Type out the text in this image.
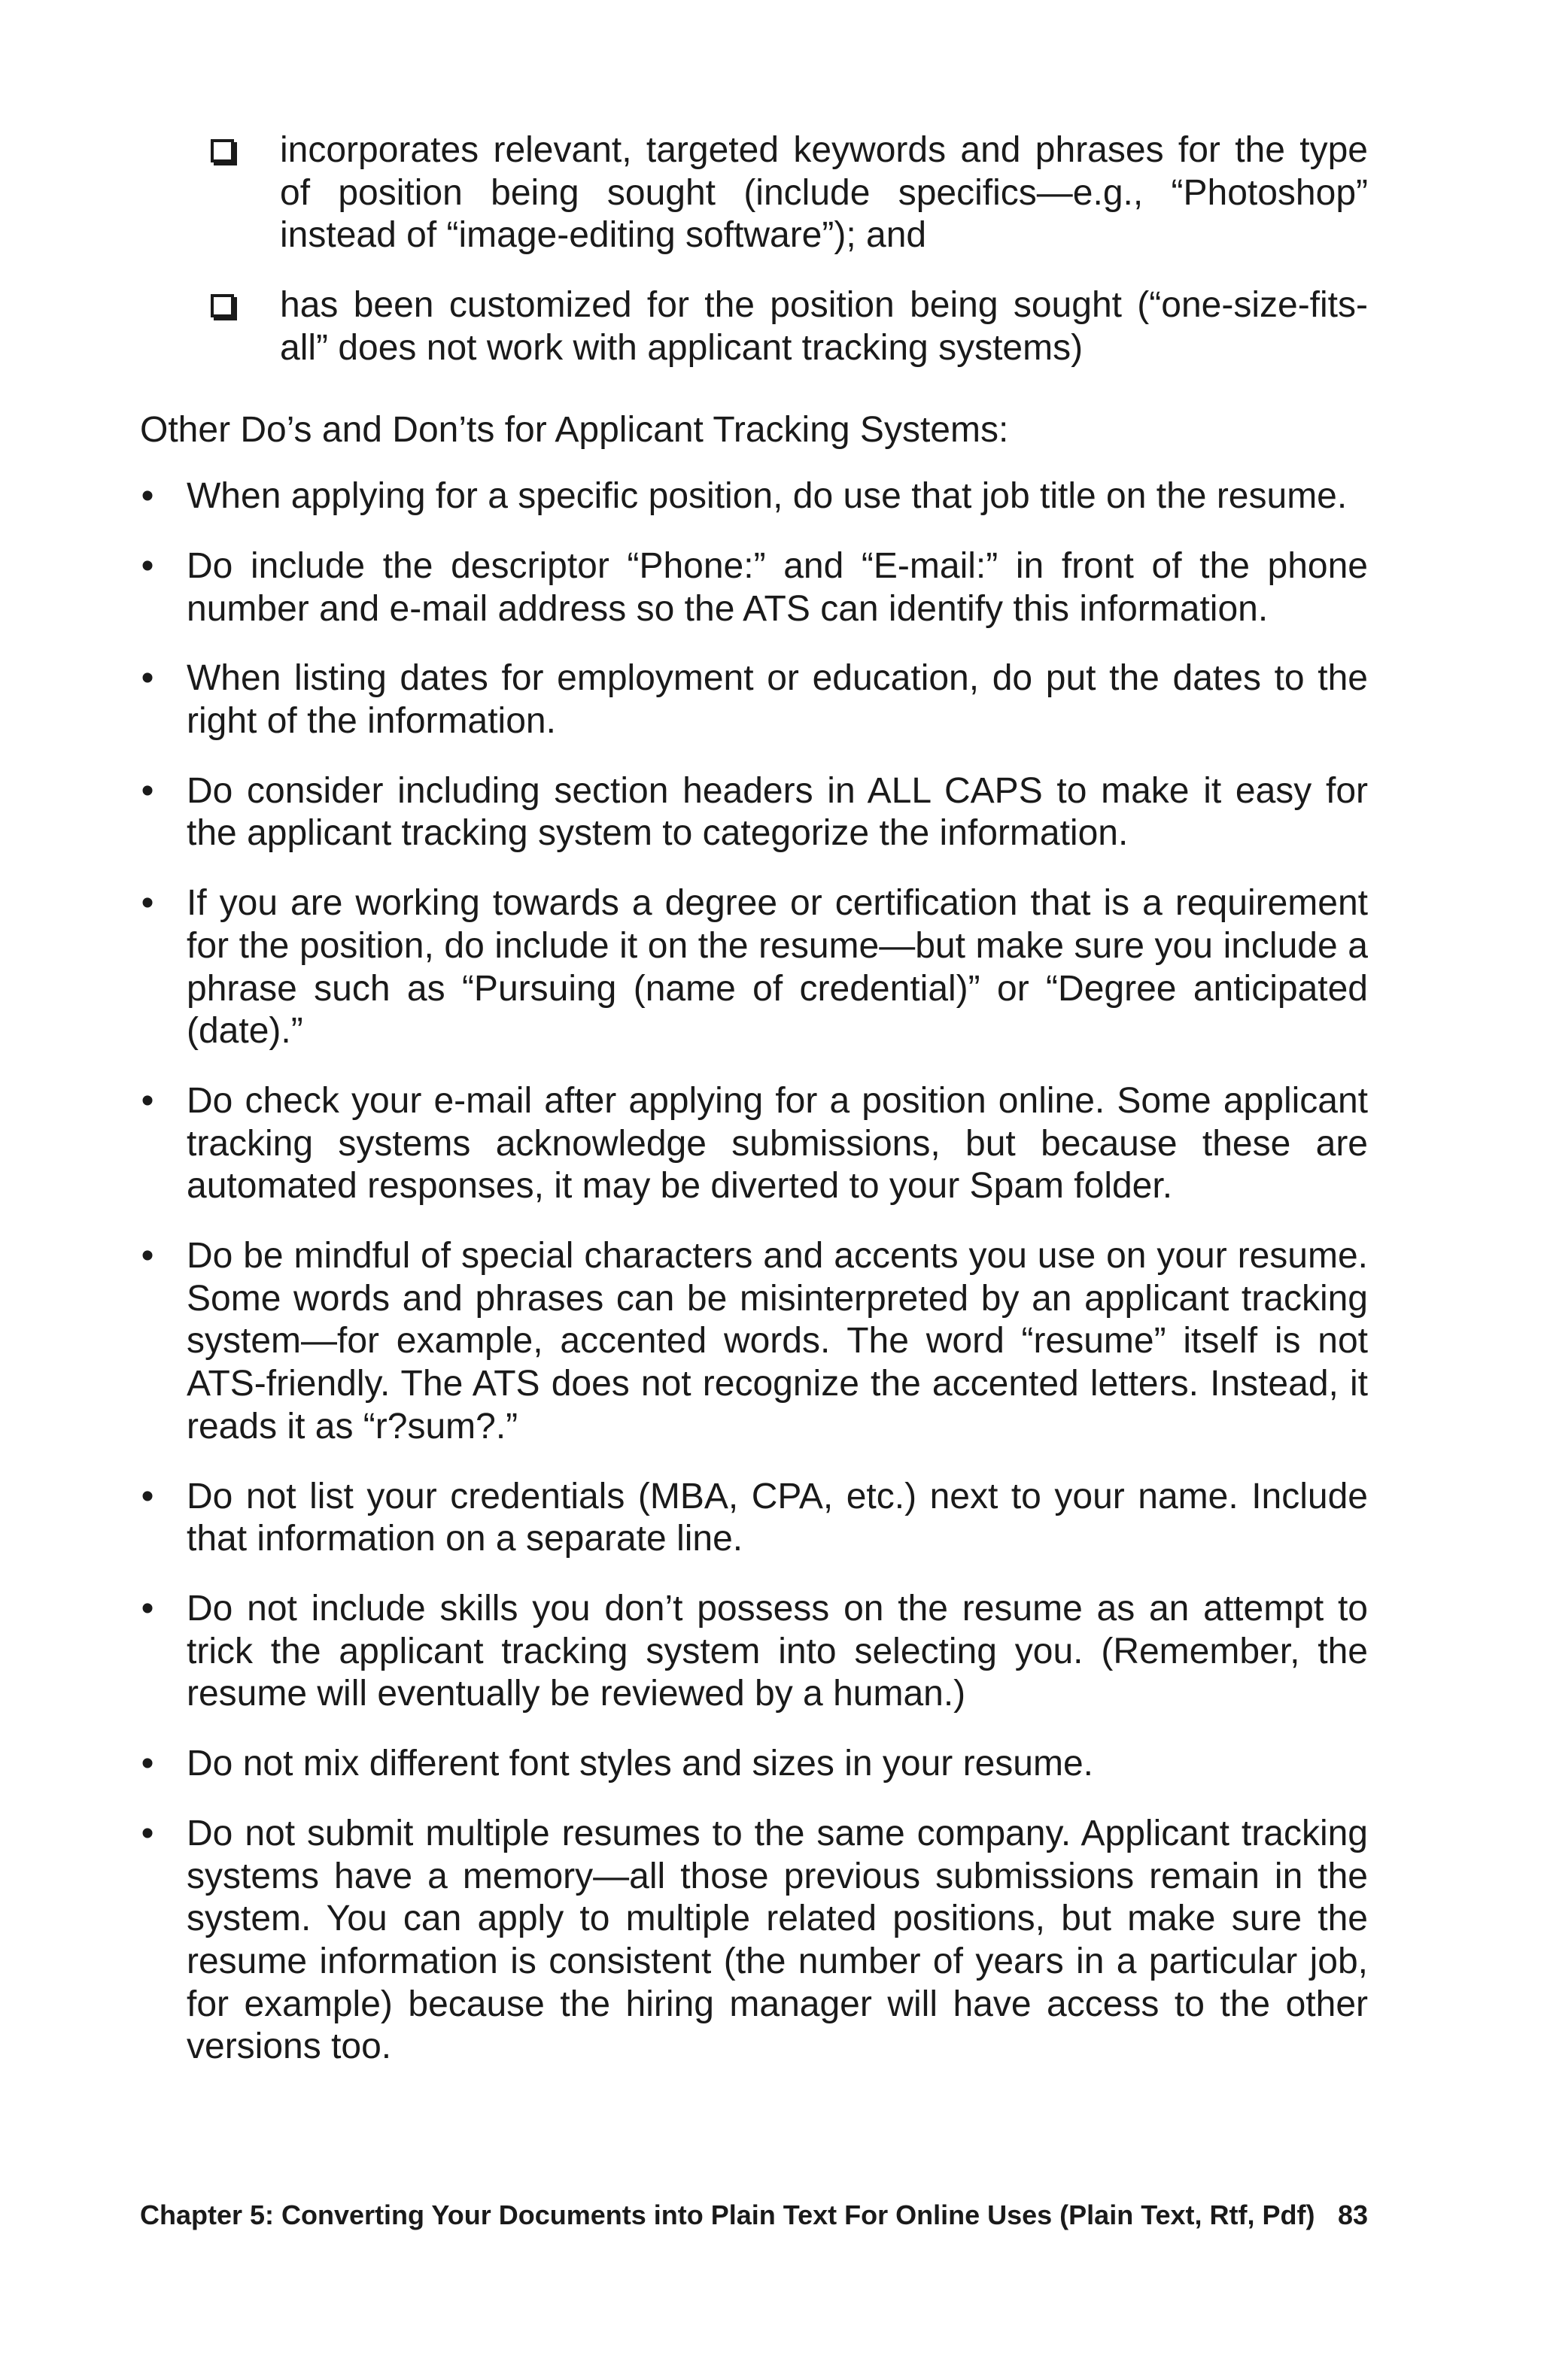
incorporates relevant, targeted keywords and phrases for the type of position being sought (include specifics—e.g., “Photoshop” instead of “image-editing software”); and
has been customized for the position being sought (“one-size-fits-all” does not work with applicant tracking systems)

Other Do’s and Don’ts for Applicant Tracking Systems:

• When applying for a specific position, do use that job title on the resume.
• Do include the descriptor “Phone:” and “E-mail:” in front of the phone number and e-mail address so the ATS can identify this information.
• When listing dates for employment or education, do put the dates to the right of the information.
• Do consider including section headers in ALL CAPS to make it easy for the applicant tracking system to categorize the information.
• If you are working towards a degree or certification that is a requirement for the position, do include it on the resume—but make sure you include a phrase such as “Pursuing (name of credential)” or “Degree anticipated (date).”
• Do check your e-mail after applying for a position online. Some applicant tracking systems acknowledge submissions, but because these are automated responses, it may be diverted to your Spam folder.
• Do be mindful of special characters and accents you use on your resume. Some words and phrases can be misinterpreted by an applicant tracking system—for example, accented words. The word “resume” itself is not ATS-friendly. The ATS does not recognize the accented letters. Instead, it reads it as “r?sum?.”
• Do not list your credentials (MBA, CPA, etc.) next to your name. Include that information on a separate line.
• Do not include skills you don’t possess on the resume as an attempt to trick the applicant tracking system into selecting you. (Remember, the resume will eventually be reviewed by a human.)
• Do not mix different font styles and sizes in your resume.
• Do not submit multiple resumes to the same company. Applicant tracking systems have a memory—all those previous submissions remain in the system. You can apply to multiple related positions, but make sure the resume information is consistent (the number of years in a particular job, for example) because the hiring manager will have access to the other versions too.
Chapter 5: Converting Your Documents into Plain Text For Online Uses (Plain Text, Rtf, Pdf) 83
